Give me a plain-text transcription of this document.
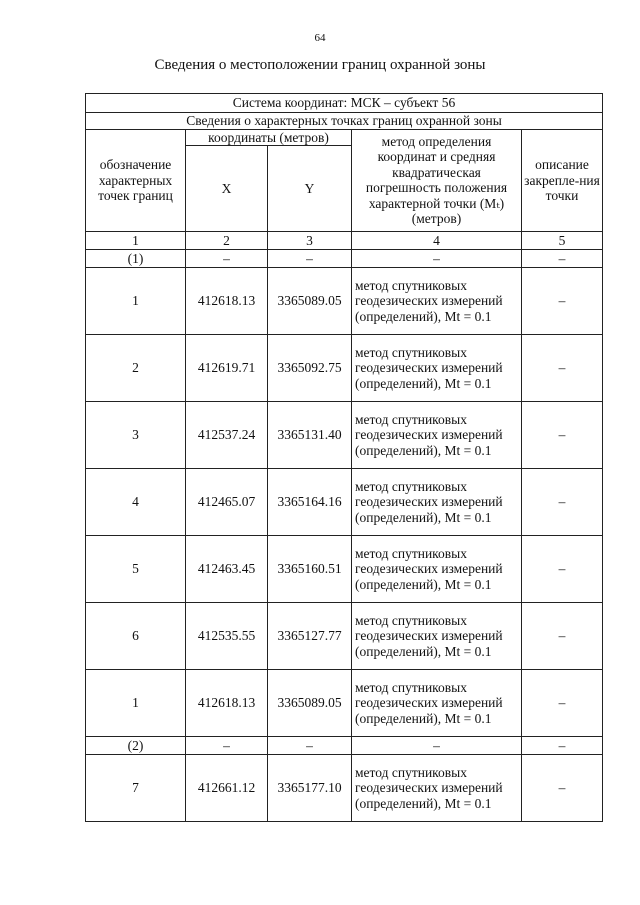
64
Сведения о местоположении границ охранной зоны
Система координат: МСК – субъект 56				
Сведения о характерных точках границ охранной зоны				
обозначение характерных точек границ	координаты (метров)		метод определения координат и средняя квадратическая погрешность положения характерной точки (Mₜ) (метров)	описание закрепле-ния точки
	X	Y		
1	2	3	4	5
(1)	–	–	–	–
1	412618.13	3365089.05	метод спутниковых геодезических измерений (определений), Mt = 0.1	–
2	412619.71	3365092.75	метод спутниковых геодезических измерений (определений), Mt = 0.1	–
3	412537.24	3365131.40	метод спутниковых геодезических измерений (определений), Mt = 0.1	–
4	412465.07	3365164.16	метод спутниковых геодезических измерений (определений), Mt = 0.1	–
5	412463.45	3365160.51	метод спутниковых геодезических измерений (определений), Mt = 0.1	–
6	412535.55	3365127.77	метод спутниковых геодезических измерений (определений), Mt = 0.1	–
1	412618.13	3365089.05	метод спутниковых геодезических измерений (определений), Mt = 0.1	–
(2)	–	–	–	–
7	412661.12	3365177.10	метод спутниковых геодезических измерений (определений), Mt = 0.1	–
